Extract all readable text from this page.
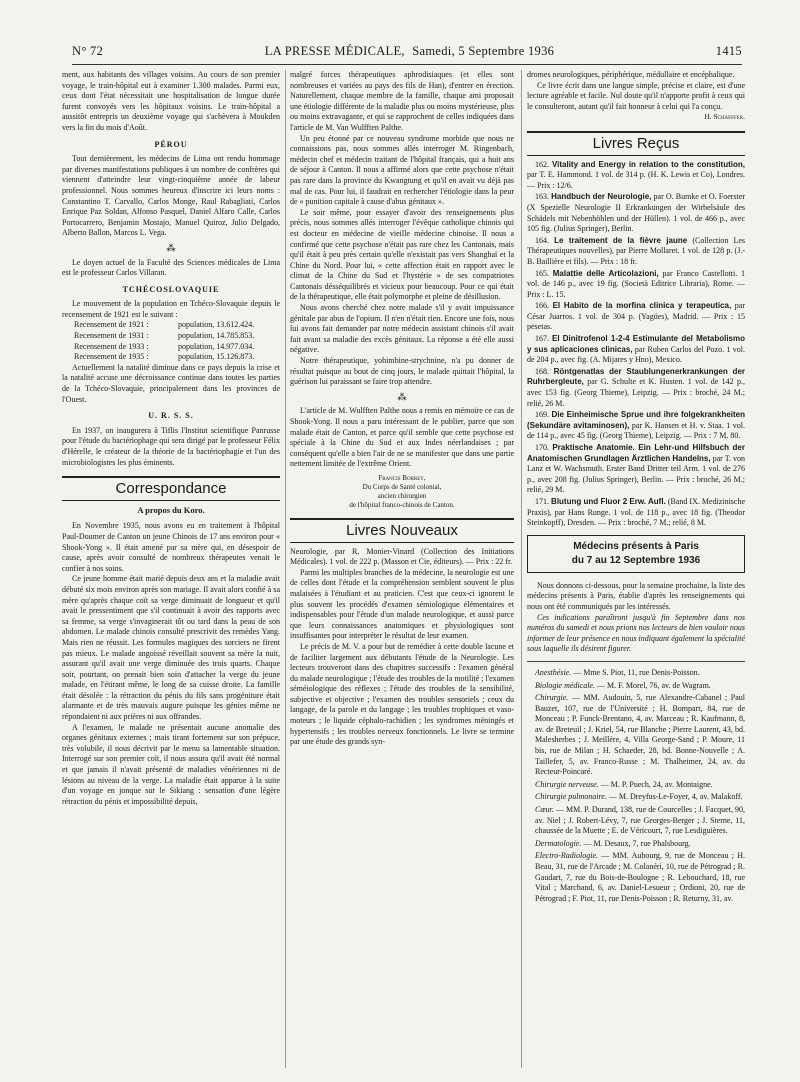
N° 72	LA PRESSE MÉDICALE, Samedi, 5 Septembre 1936	1415

ment, aux habitants des villages voisins. Au cours de son premier voyage, le train-hôpital eut à examiner 1.300 malades. Parmi eux, ceux dont l'état nécessitait une hospitalisation de longue durée furent convoyés vers les hôpitaux voisins. Le train-hôpital a aussitôt entrepris un deuxième voyage qui s'achèvera à Moukden vers la fin du mois d'Août.

PÉROU

Tout dernièrement, les médecins de Lima ont rendu hommage par diverses manifestations publiques à un nombre de confrères qui viennent d'atteindre leur vingt-cinquième année de labeur professionnel. Nous sommes heureux d'inscrire ici leurs noms : Constantino T. Carvallo, Carlos Monge, Raul Rabagliati, Carlos Enrique Paz Soldan, Alfonso Pasquel, Daniel Alfaro Calle, Carlos Portocarrero, Benjamin Mostajo, Manuel Quiroz, Julio Delgado, Alberto Ballon, Marcos L. Vega.

⁂

Le doyen actuel de la Faculté des Sciences médicales de Lima est le professeur Carlos Villaran.

TCHÉCOSLOVAQUIE

Le mouvement de la population en Tchéco-Slovaquie depuis le recensement de 1921 est le suivant :

Recensement de 1921 :	population, 13.612.424.
Recensement de 1931 :	population, 14.785.853.
Recensement de 1933 :	population, 14.977.034.
Recensement de 1935 :	population, 15.126.873.

Actuellement la natalité diminue dans ce pays depuis la crise et la natalité accuse une décroissance continue dans toutes les parties de la Tchéco-Slovaquie, principalement dans les provinces de l'Ouest.

U. R. S. S.

En 1937, on inaugurera à Tiflis l'Institut scientifique Panrusse pour l'étude du bactériophage qui sera dirigé par le professeur Félix d'Hérelle, le créateur de la théorie de la bactériophagie et l'un des microbiologistes les plus éminents.

Correspondance
A propos du Koro.

En Novembre 1935, nous avons eu en traitement à l'hôpital Paul-Doumer de Canton un jeune Chinois de 17 ans environ pour « Shook-Yong ». Il était amené par sa mère qui, en désespoir de cause, après avoir consulté de nombreux thérapeutes venait le confier à nos soins.

Ce jeune homme était marié depuis deux ans et la maladie avait débuté six mois environ après son mariage. Il avait alors confié à sa mère qu'après chaque coït sa verge diminuait de longueur et qu'il avait le pressentiment que s'il continuait à avoir des rapports avec sa femme, sa verge s'invaginerait tôt ou tard dans la peau de son abdomen. Le malade chinois consulté prescrivit des remèdes Yang. Mais rien ne réussit. Les formules magiques des sorciers ne firent pas mieux. Le malade angoissé réveillait souvent sa mère la nuit, assurant qu'il avait une verge diminuée des trois quarts. Chaque soir, pourtant, on prenait bien soin d'attacher la verge du jeune malade, en l'étirant même, le long de sa cuisse droite. La famille était désolée : la rétraction du pénis du fils sans progéniture était alarmante et de très mauvais augure puisque les génies même ne répondaient ni aux prières ni aux offrandes.

A l'examen, le malade ne présentait aucune anomalie des organes génitaux externes ; mais tirant fortement sur son prépuce, très volubile, il nous décrivit par le menu sa lamentable situation. Interrogé sur son premier coït, il nous assura qu'il avait été normal et que jamais il n'avait présenté de maladies vénériennes ni de lésions au niveau de la verge. La maladie était apparue à la suite d'un voyage en jonque sur le Sikiang : sensation d'une légère rétraction du pénis et impossibilité depuis,

malgré forces thérapeutiques aphrodisiaques (et elles sont nombreuses et variées au pays des fils de Han), d'entrer en érection. Naturellement, chaque membre de la famille, chaque ami proposait une étiologie différente de la maladie plus ou moins mystérieuse, plus ou moins extravagante, et qui se rapprochent de celles indiquées dans l'article de M. Van Wulfften Palthe.

Un peu étonné par ce nouveau syndrome morbide que nous ne connaissions pas, nous sommes allés interroger M. Ringenbach, médecin chef et médecin traitant de l'hôpital français, qui a huit ans de séjour à Canton. Il nous a affirmé alors que cette psychose n'était pas rare dans la province du Kwangtung et qu'il en avait vu déjà pas mal de cas. Pour lui, il faudrait en rechercher l'étiologie dans la peur de « punition capitale à cause d'abus génitaux ».

Le soir même, pour essayer d'avoir des renseignements plus précis, nous sommes allés interroger l'évêque catholique chinois qui est docteur en médecine de vieille médecine chinoise. Il nous a confirmé que cette psychose n'était pas rare chez les Cantonais, mais qu'il était à peu près certain qu'elle n'existait pas vers Shanghaï et la Chine du Nord. Pour lui, « cette affection était en rapport avec le climat de la Chine du Sud et l'hystérie » de ses compatriotes Cantonais désséquilibrés et vicieux pour beaucoup. Pour ce qui était de la thérapeutique, elle était polymorphe et pleine de désillusion.

Nous avons cherché chez notre malade s'il y avait impuissance génitale par abus de l'opium. Il n'en n'était rien. Encore une fois, nous lui avons fait demander par notre médecin assistant chinois s'il avait fait avant sa maladie des excès génitaux. La réponse a été elle aussi négative.

Notre thérapeutique, yohimbine-strychnine, n'a pu donner de résultat puisque au bout de cinq jours, le malade quittait l'hôpital, la guérison lui paraissant se faire trop attendre.

⁂

L'article de M. Wulfften Palthe nous a remis en mémoire ce cas de Shook-Yong. Il nous a paru intéressant de le publier, parce que son malade était de Canton, et parce qu'il semble que cette psychose est spéciale à la Chine du Sud et aux Indes néerlandaises ; par conséquent qu'elle a bien l'air de ne se manifester que dans une partie nettement limitée de l'extrême Orient.

Francis Borrey,
Du Corps de Santé colonial,
ancien chirurgien
de l'hôpital franco-chinois de Canton.
Livres Nouveaux

Neurologie, par R. Monier-Vinard (Collection des Initiations Médicales). 1 vol. de 222 p. (Masson et Cie, éditeurs). — Prix : 22 fr.

Parmi les multiples branches de la médecine, la neurologie est une de celles dont l'étude et la compréhension semblent souvent le plus malaisées à l'étudiant et au praticien. C'est que ceux-ci ignorent le plus souvent les procédés d'examen sémiologique élémentaires et indispensables pour l'étude d'un malade neurologique, et aussi parce que leurs connaissances anatomiques et physiologiques sont insuffisantes pour interpréter le résultat de leur examen.

Le précis de M. V. a pour but de remédier à cette double lacune et de faciliter largement aux débutants l'étude de la Neurologie. Les lecteurs trouveront dans des chapitres successifs : l'examen général du malade neurologique ; l'étude des troubles de la motilité ; l'examen séméiologique des réflexes ; l'étude des troubles de la sensibilité, subjective et objective ; l'examen des troubles sensoriels ; ceux du langage, de la parole et du langage ; les troubles trophiques et vaso-moteurs ; le liquide céphalo-rachidien ; les syndromes méningés et hypertensifs ; les troubles nerveux fonctionnels. Le livre se termine par une étude des grands syn-

dromes neurologiques, périphérique, médullaire et encéphalique.

Ce livre écrit dans une langue simple, précise et claire, est d'une lecture agréable et facile. Nul doute qu'il n'apporte profit à ceux qui le consulteront, autant qu'il fait honneur à celui qui l'a conçu.

H. Schaeffer.
Livres Reçus

162. Vitality and Energy in relation to the constitution, par T. E. Hammond. 1 vol. de 314 p. (H. K. Lewis et Co), Londres. — Prix : 12/6.

163. Handbuch der Neurologie, par O. Bumke et O. Foerster (X Spezielle Neurologie II Erkrankungen der Wirbelsäule des Schädels mit Nebenhöhlen und der Hüllen). 1 vol. de 466 p., avec 105 fig. (Julius Springer), Berlin.

164. Le traitement de la fièvre jaune (Collection Les Thérapeutiques nouvelles), par Pierre Mollaret. 1 vol. de 128 p. (J.-B. Baillière et fils). — Prix : 18 fr.

165. Malattie delle Articolazioni, par Franco Castellotti. 1 vol. de 146 p., avec 19 fig. (Società Editrice Libraria), Rome. — Prix : L. 15.

166. El Habito de la morfina clinica y terapeutica, par César Juarros. 1 vol. de 304 p. (Yagües), Madrid. — Prix : 15 pesetas.

167. El Dinitrofenol 1-2-4 Estimulante del Metabolismo y sus aplicaciones clinicas, par Ruben Carlos del Pozo. 1 vol. de 204 p., avec fig. (A. Mijares y Hno), Mexico.

168. Röntgenatlas der Staublungenerkrankungen der Ruhrbergleute, par G. Schulte et K. Husten. 1 vol. de 142 p., avec 153 fig. (Georg Thieme), Leipzig. — Prix : broché, 24 M.; relié, 26 M.

169. Die Einheimische Sprue und ihre folgekrankheiten (Sekundäre avitaminosen), par K. Hansen et H. v. Staa. 1 vol. de 114 p., avec 45 fig. (Georg Thieme), Leipzig. — Prix : 7 M. 80.

170. Praktische Anatomie. Ein Lehr-und Hilfsbuch der Anatomischen Grundlagen Ärztlichen Handelns, par T. von Lanz et W. Wachsmuth. Erster Band Dritter teil Arm. 1 vol. de 276 p., avec 208 fig. (Julius Springer), Berlin. — Prix : broché, 26 M.; relié, 29 M.

171. Blutung und Fluor 2 Erw. Aufl. (Band IX. Medizinische Praxis), par Hans Runge. 1 vol. de 118 p., avec 18 fig. (Theodor Steinkopff), Dresden. — Prix : broché, 7 M.; relié, 8 M.

Médecins présents à Paris
du 7 au 12 Septembre 1936

Nous donnons ci-dessous, pour la semaine prochaine, la liste des médecins présents à Paris, établie d'après les renseignements qui nous ont été communiqués par les intéressés.

Ces indications paraîtront jusqu'à fin Septembre dans nos numéros du samedi et nous prions nos lecteurs de bien vouloir nous informer de leur présence en nous indiquant également la spécialité sous laquelle ils désirent figurer.

Anesthésie. — Mme S. Piot, 11, rue Denis-Poisson.

Biologie médicale. — M. F. Morel, 76, av. de Wagram.

Chirurgie. — MM. Audouin, 5, rue Alexandre-Cabanel ; Paul Bauzet, 107, rue de l'Université ; H. Bompart, 84, rue de Monceau ; P. Funck-Brentano, 4, av. Marceau ; R. Kaufmann, 8, av. de Breteuil ; J. Kriel, 54, rue Blanche ; Pierre Laurent, 43, bd. Malesherbes ; J. Meillère, 4, Villa George-Sand ; P. Moure, 11 bis, rue de Milan ; H. Schaeder, 28, bd. Bonne-Nouvelle ; A. Taillefer, 5, av. Franco-Russe ; M. Thalheimer, 24, av. du Recteur-Poincaré.

Chirurgie nerveuse. — M. P. Puech, 24, av. Montaigne.

Chirurgie pulmonaire. — M. Dreyfus-Le-Foyer, 4, av. Malakoff.

Cœur. — MM. P. Durand, 138, rue de Courcelles ; J. Facquet, 90, av. Niel ; J. Robert-Lévy, 7, rue Georges-Berger ; J. Sterne, 11, chaussée de la Muette ; E. de Véricourt, 7, rue Lesdiguières.

Dermatologie. — M. Desaux, 7, rue Phalsbourg.

Electro-Radiologie. — MM. Aubourg, 9, rue de Monceau ; H. Beau, 31, rue de l'Arcade ; M. Colanéri, 10, rue de Pétrograd ; R. Gaudart, 7, rue du Bois-de-Boulogne ; R. Lebouchard, 18, rue Vital ; Marchand, 6, av. Daniel-Lesueur ; Ordioni, 20, rue de Pétrograd ; F. Piot, 11, rue Denis-Poisson ; R. Returny, 31, av.
